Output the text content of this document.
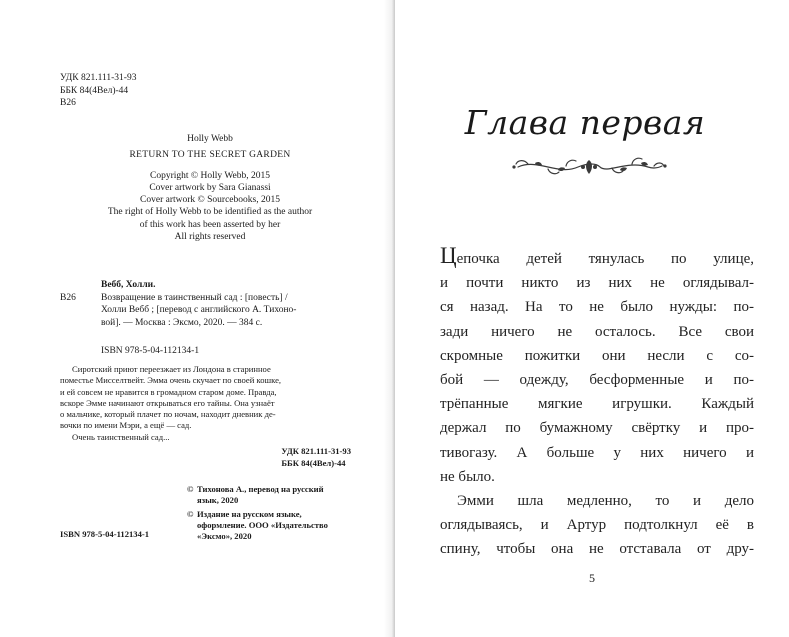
УДК 821.111-31-93
ББК 84(4Вел)-44
В26
Holly Webb
RETURN TO THE SECRET GARDEN
Copyright © Holly Webb, 2015
Cover artwork by Sara Gianassi
Cover artwork © Sourcebooks, 2015
The right of Holly Webb to be identified as the author
of this work has been asserted by her
All rights reserved
Вебб, Холли.
В26	Возвращение в таинственный сад : [повесть] /
Холли Вебб ; [перевод с английского А. Тихоно-
вой]. — Москва : Эксмо, 2020. — 384 с.
ISBN 978-5-04-112134-1

Сиротский приют переезжает из Лондона в старинное
поместье Мисселтвейт. Эмма очень скучает по своей кошке,
и ей совсем не нравится в громадном старом доме. Правда,
вскоре Эмме начинают открываться его тайны. Она узнаёт
о мальчике, который плачет по ночам, находит дневник де-
вочки по имени Мэри, а ещё — сад.

Очень таинственный сад...

УДК 821.111-31-93
ББК 84(4Вел)-44
© Тихонова А., перевод на русский
язык, 2020
© Издание на русском языке,
оформление. ООО «Издательство
«Эксмо», 2020
ISBN 978-5-04-112134-1
Глава первая
Цепочка детей тянулась по улице,
и почти никто из них не оглядывал-
ся назад. На то не было нужды: по-
зади ничего не осталось. Все свои
скромные пожитки они несли с со-
бой — одежду, бесформенные и по-
трёпанные мягкие игрушки. Каждый
держал по бумажному свёртку и про-
тивогазу. А больше у них ничего и
не было.
Эмми шла медленно, то и дело
оглядываясь, и Артур подтолкнул её в
спину, чтобы она не отставала от дру-
5
